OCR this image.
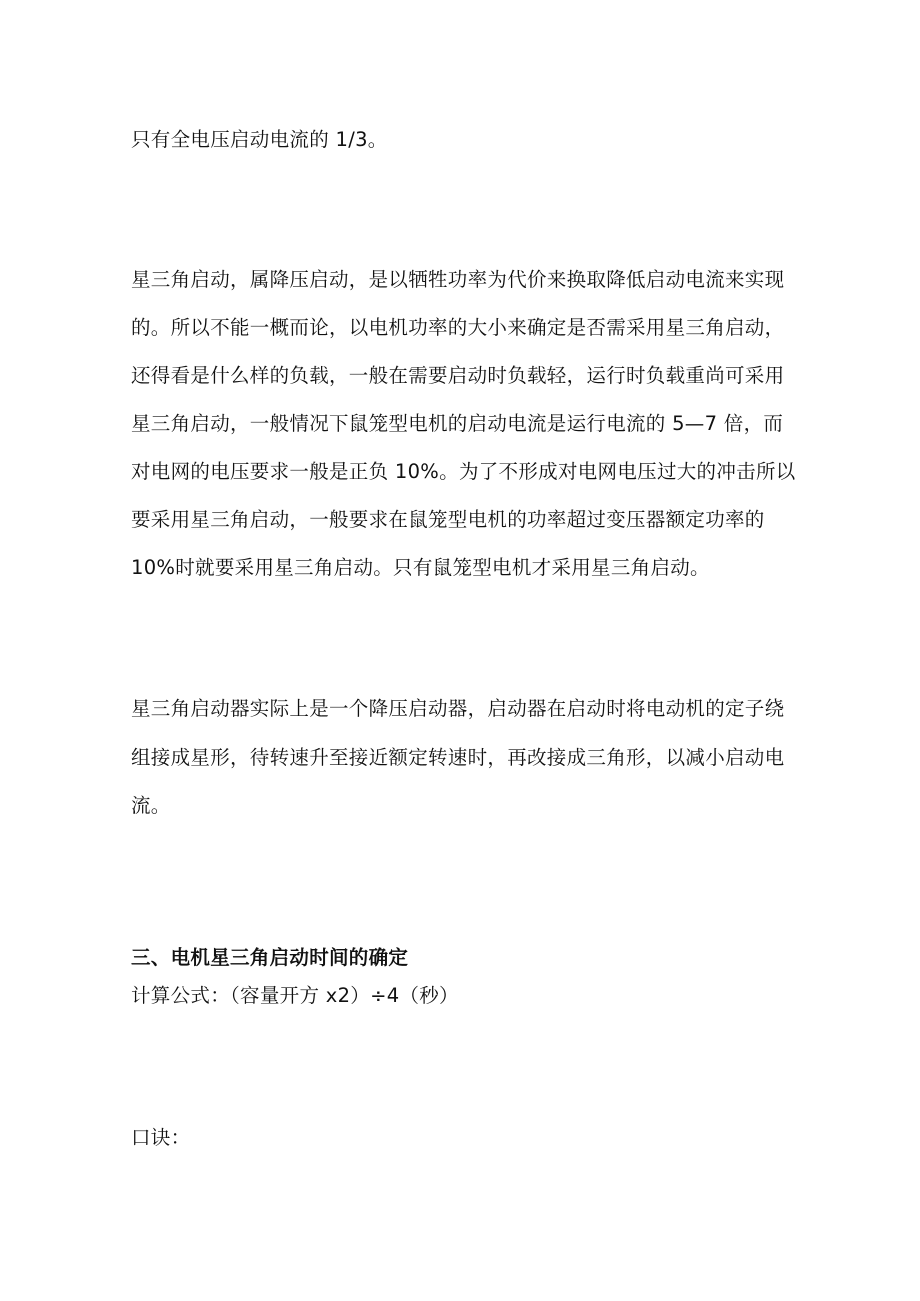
只有全电压启动电流的 1/3。
星三角启动，属降压启动，是以牺牲功率为代价来换取降低启动电流来实现
的。所以不能一概而论，以电机功率的大小来确定是否需采用星三角启动，
还得看是什么样的负载，一般在需要启动时负载轻，运行时负载重尚可采用
星三角启动，一般情况下鼠笼型电机的启动电流是运行电流的 5—7 倍，而
对电网的电压要求一般是正负 10%。为了不形成对电网电压过大的冲击所以
要采用星三角启动，一般要求在鼠笼型电机的功率超过变压器额定功率的
10%时就要采用星三角启动。只有鼠笼型电机才采用星三角启动。
星三角启动器实际上是一个降压启动器，启动器在启动时将电动机的定子绕
组接成星形，待转速升至接近额定转速时，再改接成三角形，以减小启动电
流。
三、电机星三角启动时间的确定
计算公式：（容量开方 x2）÷4（秒）
口诀：
